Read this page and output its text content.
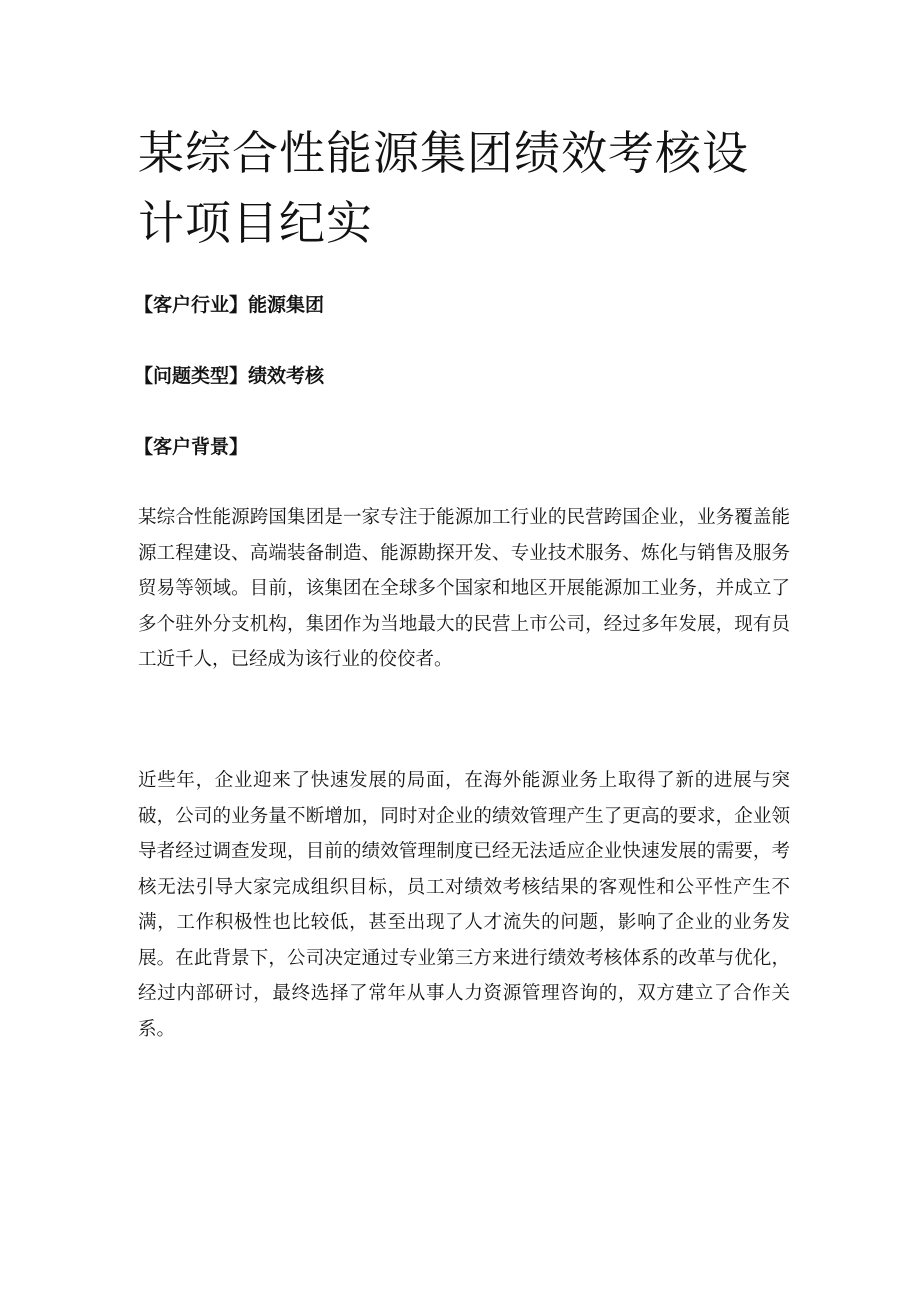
某综合性能源集团绩效考核设计项目纪实

【客户行业】能源集团

【问题类型】绩效考核

【客户背景】

某综合性能源跨国集团是一家专注于能源加工行业的民营跨国企业，业务覆盖能源工程建设、高端装备制造、能源勘探开发、专业技术服务、炼化与销售及服务贸易等领域。目前，该集团在全球多个国家和地区开展能源加工业务，并成立了多个驻外分支机构，集团作为当地最大的民营上市公司，经过多年发展，现有员工近千人，已经成为该行业的佼佼者。

近些年，企业迎来了快速发展的局面，在海外能源业务上取得了新的进展与突破，公司的业务量不断增加，同时对企业的绩效管理产生了更高的要求，企业领导者经过调查发现，目前的绩效管理制度已经无法适应企业快速发展的需要，考核无法引导大家完成组织目标，员工对绩效考核结果的客观性和公平性产生不满，工作积极性也比较低，甚至出现了人才流失的问题，影响了企业的业务发展。在此背景下，公司决定通过专业第三方来进行绩效考核体系的改革与优化，经过内部研讨，最终选择了常年从事人力资源管理咨询的，双方建立了合作关系。
